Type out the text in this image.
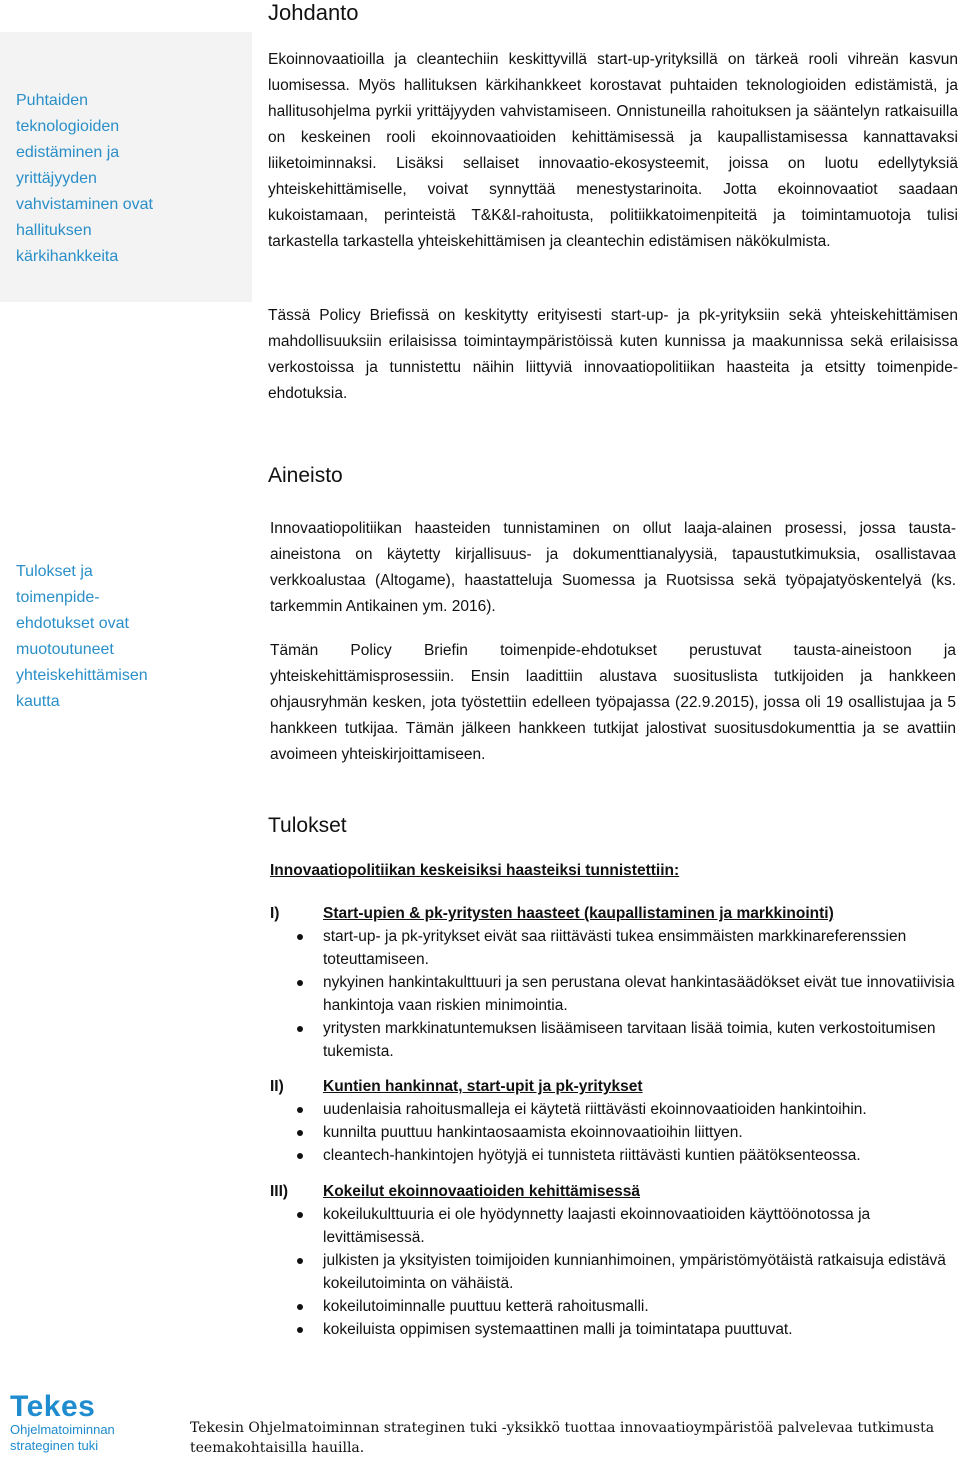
Johdanto
Puhtaiden teknologioiden edistäminen ja yrittäjyyden vahvistaminen ovat hallituksen kärkihankkeita

Ekoinnovaatioilla ja cleantechiin keskittyvillä start-up-yrityksillä on tärkeä rooli vihreän kasvun luomisessa. Myös hallituksen kärkihankkeet korostavat puhtaiden teknologioiden edistämistä, ja hallitusohjelma pyrkii yrittäjyyden vahvistamiseen. Onnistuneilla rahoituksen ja sääntelyn ratkaisuilla on keskeinen rooli ekoinnovaatioiden kehittämisessä ja kaupallistamisessa kannattavaksi liiketoiminnaksi. Lisäksi sellaiset innovaatio-ekosysteemit, joissa on luotu edellytyksiä yhteiskehittämiselle, voivat synnyttää menestystarinoita. Jotta ekoinnovaatiot saadaan kukoistamaan, perinteistä T&K&I-rahoitusta, politiikkatoimenpiteitä ja toimintamuotoja tulisi tarkastella tarkastella yhteiskehittämisen ja cleantechin edistämisen näkökulmista.

Tässä Policy Briefissä on keskitytty erityisesti start-up- ja pk-yrityksiin sekä yhteiskehittämisen mahdollisuuksiin erilaisissa toimintaympäristöissä kuten kunnissa ja maakunnissa sekä erilaisissa verkostoissa ja tunnistettu näihin liittyviä innovaatiopolitiikan haasteita ja etsitty toimenpide-ehdotuksia.

Aineisto
Tulokset ja toimenpide-ehdotukset ovat muotoutuneet yhteiskehittämisen kautta

Innovaatiopolitiikan haasteiden tunnistaminen on ollut laaja-alainen prosessi, jossa tausta-aineistona on käytetty kirjallisuus- ja dokumenttianalyysiä, tapaustutkimuksia, osallistavaa verkkoalustaa (Altogame), haastatteluja Suomessa ja Ruotsissa sekä työpajatyöskentelyä (ks. tarkemmin Antikainen ym. 2016).

Tämän Policy Briefin toimenpide-ehdotukset perustuvat tausta-aineistoon ja yhteiskehittämisprosessiin. Ensin laadittiin alustava suosituslista tutkijoiden ja hankkeen ohjausryhmän kesken, jota työstettiin edelleen työpajassa (22.9.2015), jossa oli 19 osallistujaa ja 5 hankkeen tutkijaa. Tämän jälkeen hankkeen tutkijat jalostivat suositusdokumenttia ja se avattiin avoimeen yhteiskirjoittamiseen.

Tulokset
Innovaatiopolitiikan keskeisiksi haasteiksi tunnistettiin:
I)	Start-upien & pk-yritysten haasteet (kaupallistaminen ja markkinointi)
start-up- ja pk-yritykset eivät saa riittävästi tukea ensimmäisten markkinareferenssien toteuttamiseen.
nykyinen hankintakulttuuri ja sen perustana olevat hankintasäädökset eivät tue innovatiivisia hankintoja vaan riskien minimointia.
yritysten markkinatuntemuksen lisäämiseen tarvitaan lisää toimia, kuten verkostoitumisen tukemista.
II)	Kuntien hankinnat, start-upit ja pk-yritykset
uudenlaisia rahoitusmalleja ei käytetä riittävästi ekoinnovaatioiden hankintoihin.
kunnilta puuttuu hankintaosaamista ekoinnovaatioihin liittyen.
cleantech-hankintojen hyötyjä ei tunnisteta riittävästi kuntien päätöksenteossa.
III)	Kokeilut ekoinnovaatioiden kehittämisessä
kokeilukulttuuria ei ole hyödynnetty laajasti ekoinnovaatioiden käyttöönotossa ja levittämisessä.
julkisten ja yksityisten toimijoiden kunnianhimoinen, ympäristömyötäistä ratkaisuja edistävä kokeilutoiminta on vähäistä.
kokeilutoiminnalle puuttuu ketterä rahoitusmalli.
kokeiluista oppimisen systemaattinen malli ja toimintatapa puuttuvat.
Tekes
Ohjelmatoiminnan
strateginen tuki
Tekesin Ohjelmatoiminnan strateginen tuki -yksikkö tuottaa innovaatioympäristöä palvelevaa tutkimusta teemakohtaisilla hauilla.
